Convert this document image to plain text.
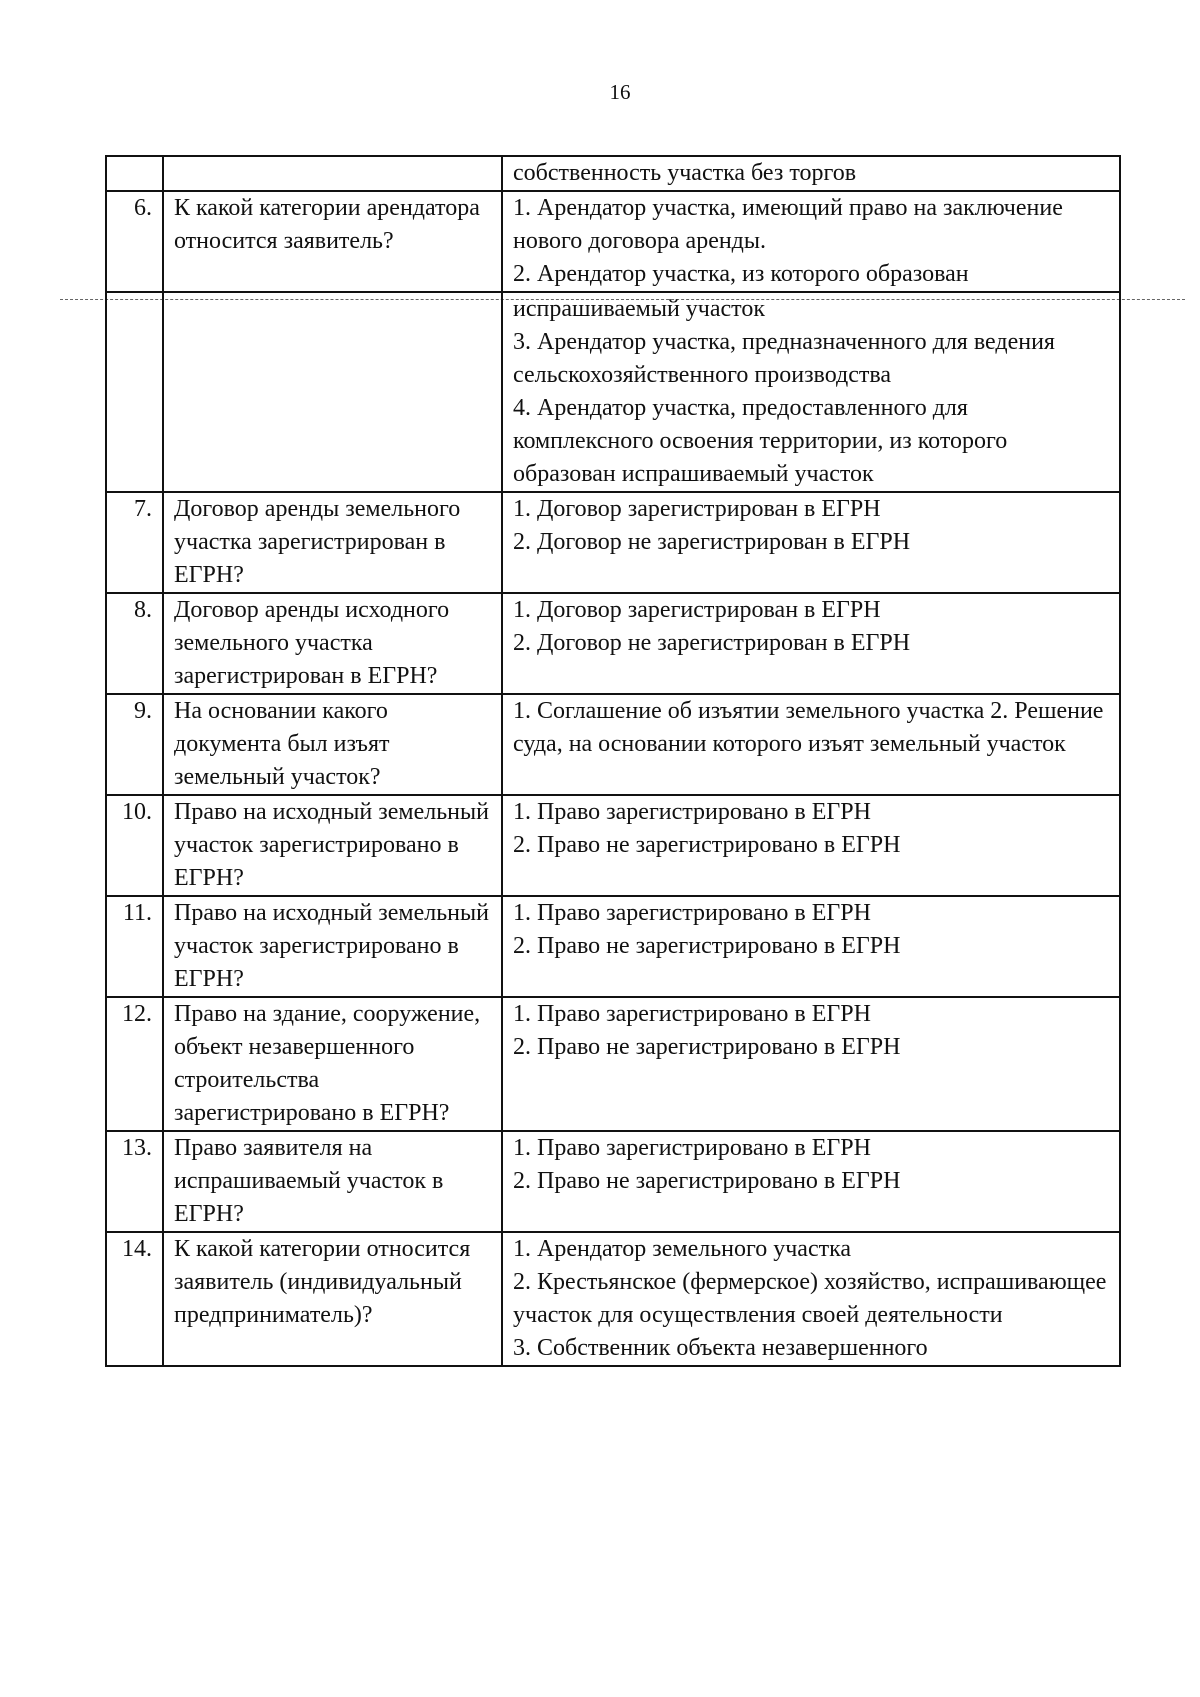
16

		собственность участка без торгов

6.	К какой категории арендатора относится заявитель?	1. Арендатор участка, имеющий право на заключение нового договора аренды.
2. Арендатор участка, из которого образован

		испрашиваемый участок
3. Арендатор участка, предназначенного для ведения сельскохозяйственного производства
4. Арендатор участка, предоставленного для комплексного освоения территории, из которого образован испрашиваемый участок

7.	Договор аренды земельного участка зарегистрирован в ЕГРН?	1. Договор зарегистрирован в ЕГРН
2. Договор не зарегистрирован в ЕГРН

8.	Договор аренды исходного земельного участка зарегистрирован в ЕГРН?	1. Договор зарегистрирован в ЕГРН
2. Договор не зарегистрирован в ЕГРН

9.	На основании какого документа был изъят земельный участок?	1. Соглашение об изъятии земельного участка 2. Решение суда, на основании которого изъят земельный участок

10.	Право на исходный земельный участок зарегистрировано в ЕГРН?	1. Право зарегистрировано в ЕГРН
2. Право не зарегистрировано в ЕГРН

11.	Право на исходный земельный участок зарегистрировано в ЕГРН?	1. Право зарегистрировано в ЕГРН
2. Право не зарегистрировано в ЕГРН

12.	Право на здание, сооружение, объект незавершенного строительства зарегистрировано в ЕГРН?	1. Право зарегистрировано в ЕГРН
2. Право не зарегистрировано в ЕГРН

13.	Право заявителя на испрашиваемый участок в ЕГРН?	1. Право зарегистрировано в ЕГРН
2. Право не зарегистрировано в ЕГРН

14.	К какой категории относится заявитель (индивидуальный предприниматель)?	1. Арендатор земельного участка
2. Крестьянское (фермерское) хозяйство, испрашивающее участок для осуществления своей деятельности
3. Собственник объекта незавершенного
